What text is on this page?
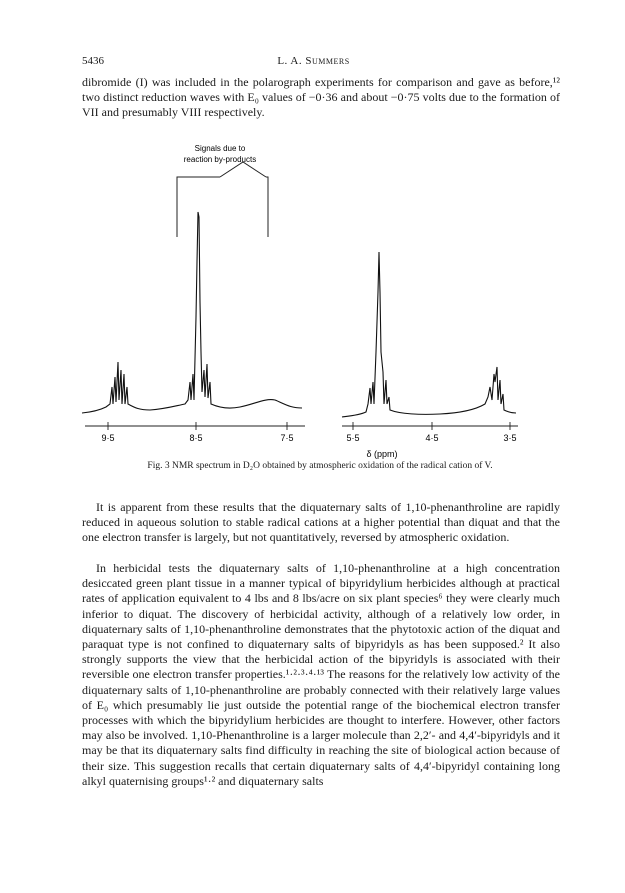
5436	L. A. Summers

dibromide (I) was included in the polarograph experiments for comparison and gave as before,¹² two distinct reduction waves with E₀ values of −0·36 and about −0·75 volts due to the formation of VII and presumably VIII respectively.

Signals due to
reaction by-products
9·5	8·5	7·5	5·5	4·5	3·5
δ (ppm)
Fig. 3 NMR spectrum in D₂O obtained by atmospheric oxidation of the radical cation of V.

It is apparent from these results that the diquaternary salts of 1,10-phenanthroline are rapidly reduced in aqueous solution to stable radical cations at a higher potential than diquat and that the one electron transfer is largely, but not quantitatively, reversed by atmospheric oxidation.

In herbicidal tests the diquaternary salts of 1,10-phenanthroline at a high concentration desiccated green plant tissue in a manner typical of bipyridylium herbicides although at practical rates of application equivalent to 4 lbs and 8 lbs/acre on six plant species⁶ they were clearly much inferior to diquat. The discovery of herbicidal activity, although of a relatively low order, in diquaternary salts of 1,10-phenanthroline demonstrates that the phytotoxic action of the diquat and paraquat type is not confined to diquaternary salts of bipyridyls as has been supposed.² It also strongly supports the view that the herbicidal action of the bipyridyls is associated with their reversible one electron transfer properties.¹·²·³·⁴·¹³ The reasons for the relatively low activity of the diquaternary salts of 1,10-phenanthroline are probably connected with their relatively large values of E₀ which presumably lie just outside the potential range of the biochemical electron transfer processes with which the bipyridylium herbicides are thought to interfere. However, other factors may also be involved. 1,10-Phenanthroline is a larger molecule than 2,2′- and 4,4′-bipyridyls and it may be that its diquaternary salts find difficulty in reaching the site of biological action because of their size. This suggestion recalls that certain diquaternary salts of 4,4′-bipyridyl containing long alkyl quaternising groups¹·² and diquaternary salts
